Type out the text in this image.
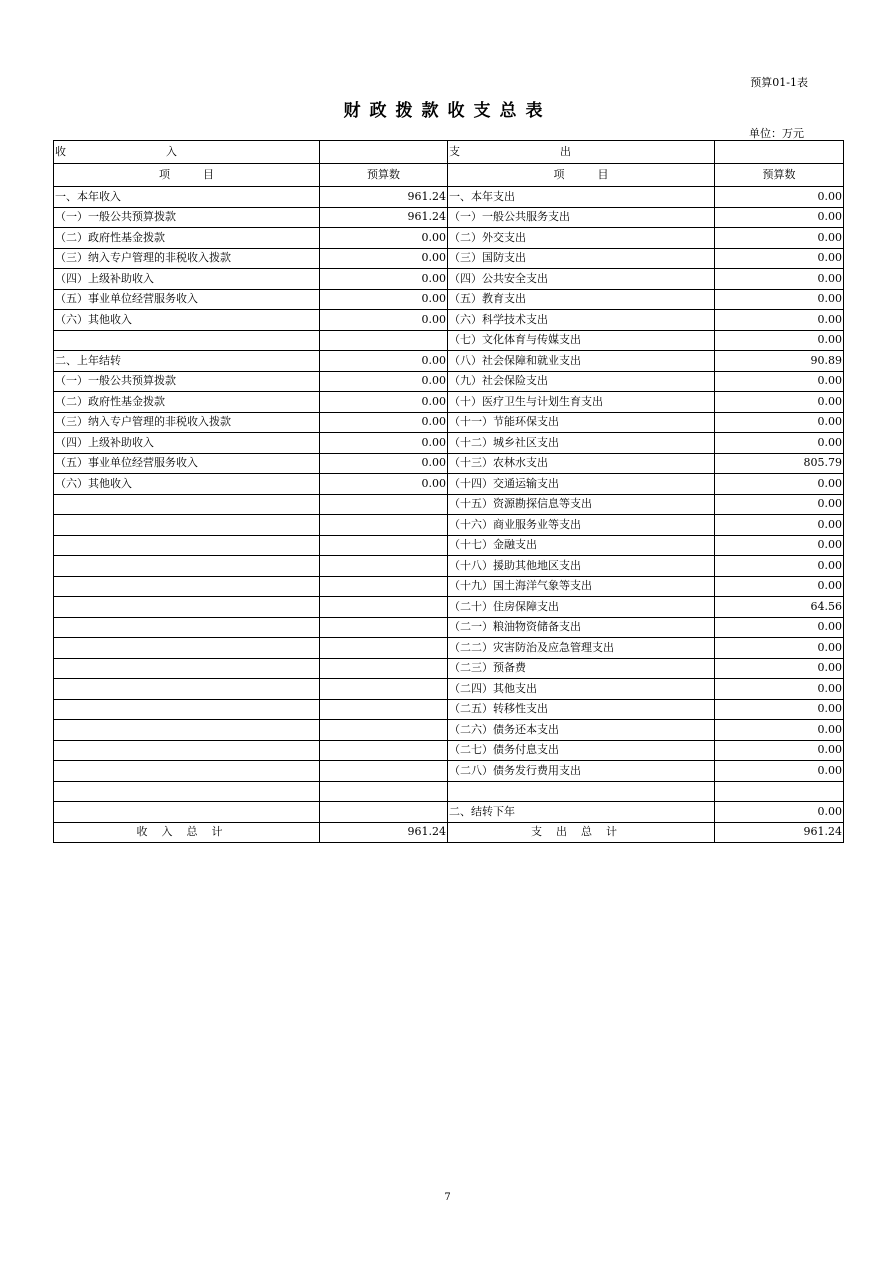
预算01-1表
财政拨款收支总表
单位：万元
收 入		支 出	
项　　　目	预算数	项　　　目	预算数
一、本年收入	961.24	一、本年支出	0.00
（一）一般公共预算拨款	961.24	（一）一般公共服务支出	0.00
（二）政府性基金拨款	0.00	（二）外交支出	0.00
（三）纳入专户管理的非税收入拨款	0.00	（三）国防支出	0.00
（四）上级补助收入	0.00	（四）公共安全支出	0.00
（五）事业单位经营服务收入	0.00	（五）教育支出	0.00
（六）其他收入	0.00	（六）科学技术支出	0.00
		（七）文化体育与传媒支出	0.00
二、上年结转	0.00	（八）社会保障和就业支出	90.89
（一）一般公共预算拨款	0.00	（九）社会保险支出	0.00
（二）政府性基金拨款	0.00	（十）医疗卫生与计划生育支出	0.00
（三）纳入专户管理的非税收入拨款	0.00	（十一）节能环保支出	0.00
（四）上级补助收入	0.00	（十二）城乡社区支出	0.00
（五）事业单位经营服务收入	0.00	（十三）农林水支出	805.79
（六）其他收入	0.00	（十四）交通运输支出	0.00
		（十五）资源勘探信息等支出	0.00
		（十六）商业服务业等支出	0.00
		（十七）金融支出	0.00
		（十八）援助其他地区支出	0.00
		（十九）国土海洋气象等支出	0.00
		（二十）住房保障支出	64.56
		（二一）粮油物资储备支出	0.00
		（二二）灾害防治及应急管理支出	0.00
		（二三）预备费	0.00
		（二四）其他支出	0.00
		（二五）转移性支出	0.00
		（二六）债务还本支出	0.00
		（二七）债务付息支出	0.00
		（二八）债务发行费用支出	0.00

		二、结转下年	0.00
收入总计	961.24	支出总计	961.24
7
